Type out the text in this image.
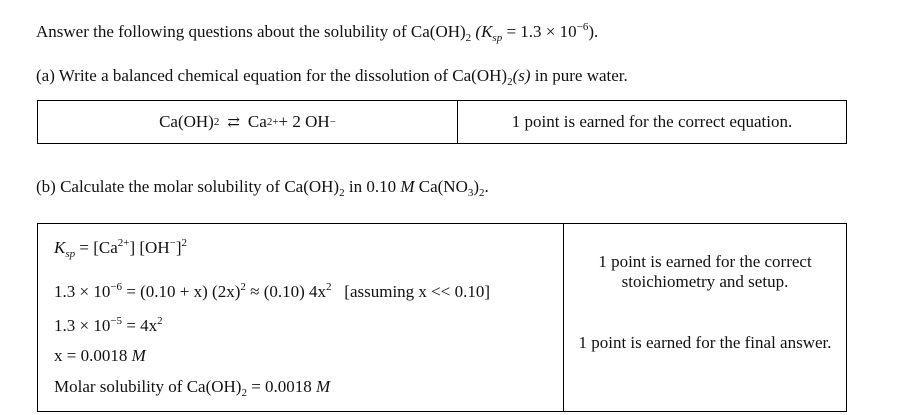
Answer the following questions about the solubility of $Ca(OH)_2$ $(K_{sp} = 1.3 \times 10^{-6})$.
(a) Write a balanced chemical equation for the dissolution of $Ca(OH)_2(s)$ in pure water.
Ca(OH) 2 ⇄ Ca 2+ + 2 OH −	1 point is earned for the correct equation.
(b) Calculate the molar solubility of $Ca(OH)_2$ in 0.10 M $Ca(NO_3)_2$.
$K_{sp} = [Ca^{2+}]$ $[OH^-]^2$
$1.3 \times 10^{-6} = (0.10 + x) (2x)^2 \approx (0.10)$ $4x^2$   [assuming x << 0.10]
$1.3 \times 10^{-5} = 4x^2$
x = 0.0018 M
Molar solubility of $Ca(OH)_2 = 0.0018$ M
1 point is earned for the correct stoichiometry and setup.
1 point is earned for the final answer.
